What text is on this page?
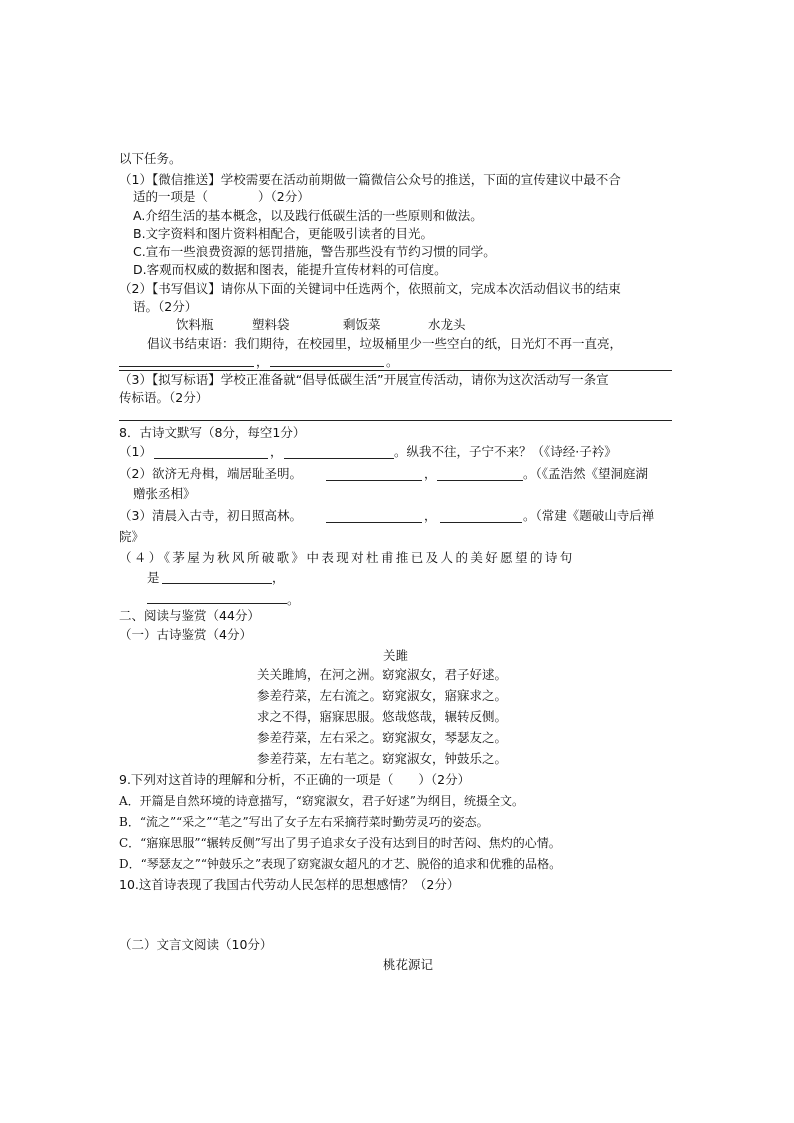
以下任务。
（1）【微信推送】学校需要在活动前期做一篇微信公众号的推送，下面的宣传建议中最不合
适的一项是（　　　　）（2分）
A.介绍生活的基本概念，以及践行低碳生活的一些原则和做法。
B.文字资料和图片资料相配合，更能吸引读者的目光。
C.宣布一些浪费资源的惩罚措施，警告那些没有节约习惯的同学。
D.客观而权威的数据和图表，能提升宣传材料的可信度。
（2）【书写倡议】请你从下面的关键词中任选两个，依照前文，完成本次活动倡议书的结束
语。（2分）
饮料瓶	塑料袋	剩饭菜	水龙头
倡议书结束语：我们期待，在校园里，垃圾桶里少一些空白的纸，日光灯不再一直亮，
，	。
（3）【拟写标语】学校正准备就“倡导低碳生活”开展宣传活动，请你为这次活动写一条宣
传标语。（2分）
8．古诗文默写（8分，每空1分）
（1）	，	。纵我不往，子宁不来？（《诗经·子衿》
（2）欲济无舟楫，端居耻圣明。	，	。（《孟浩然《望洞庭湖
赠张丞相》
（3）清晨入古寺，初日照高林。	，	。（常建《题破山寺后禅
院》
（４）《茅屋为秋风所破歌》中表现对杜甫推已及人的美好愿望的诗句
是	，
。
二、阅读与鉴赏（44分）
（一）古诗鉴赏（4分）
关雎
关关雎鸠，在河之洲。窈窕淑女，君子好逑。
参差荇菜，左右流之。窈窕淑女，寤寐求之。
求之不得，寤寐思服。悠哉悠哉，辗转反侧。
参差荇菜，左右采之。窈窕淑女，琴瑟友之。
参差荇菜，左右芼之。窈窕淑女，钟鼓乐之。
9.下列对这首诗的理解和分析，不正确的一项是（　　）（2分）
A．开篇是自然环境的诗意描写，“窈窕淑女，君子好逑”为纲目，统摄全文。
B．“流之”“采之”“芼之”写出了女子左右采摘荇菜时勤劳灵巧的姿态。
C．“寤寐思服”“辗转反侧”写出了男子追求女子没有达到目的时苦闷、焦灼的心情。
D．“琴瑟友之”“钟鼓乐之”表现了窈窕淑女超凡的才艺、脱俗的追求和优雅的品格。
10.这首诗表现了我国古代劳动人民怎样的思想感情？（2分）
（二）文言文阅读（10分）
桃花源记
